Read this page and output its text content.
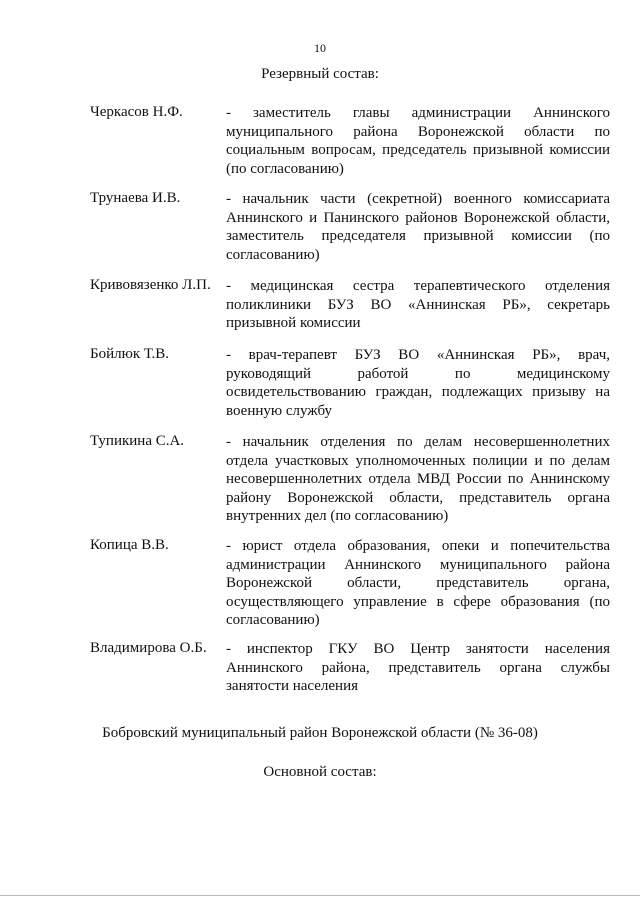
10
Резервный состав:
Черкасов Н.Ф.	- заместитель главы администрации Аннинского муниципального района Воронежской области по социальным вопросам, председатель призывной комиссии (по согласованию)
Трунаева И.В.	- начальник части (секретной) военного комиссариата Аннинского и Панинского районов Воронежской области, заместитель председателя призывной комиссии (по согласованию)
Кривовязенко Л.П. - медицинская сестра терапевтического отделения поликлиники БУЗ ВО «Аннинская РБ», секретарь призывной комиссии
Бойлюк Т.В.	- врач-терапевт БУЗ ВО «Аннинская РБ», врач, руководящий работой по медицинскому освидетельствованию граждан, подлежащих призыву на военную службу
Тупикина С.А.	- начальник отделения по делам несовершеннолетних отдела участковых уполномоченных полиции и по делам несовершеннолетних отдела МВД России по Аннинскому району Воронежской области, представитель органа внутренних дел (по согласованию)
Копица В.В.	- юрист отдела образования, опеки и попечительства администрации Аннинского муниципального района Воронежской области, представитель органа, осуществляющего управление в сфере образования (по согласованию)
Владимирова О.Б. - инспектор ГКУ ВО Центр занятости населения Аннинского района, представитель органа службы занятости населения
Бобровский муниципальный район Воронежской области (№ 36-08)
Основной состав:
